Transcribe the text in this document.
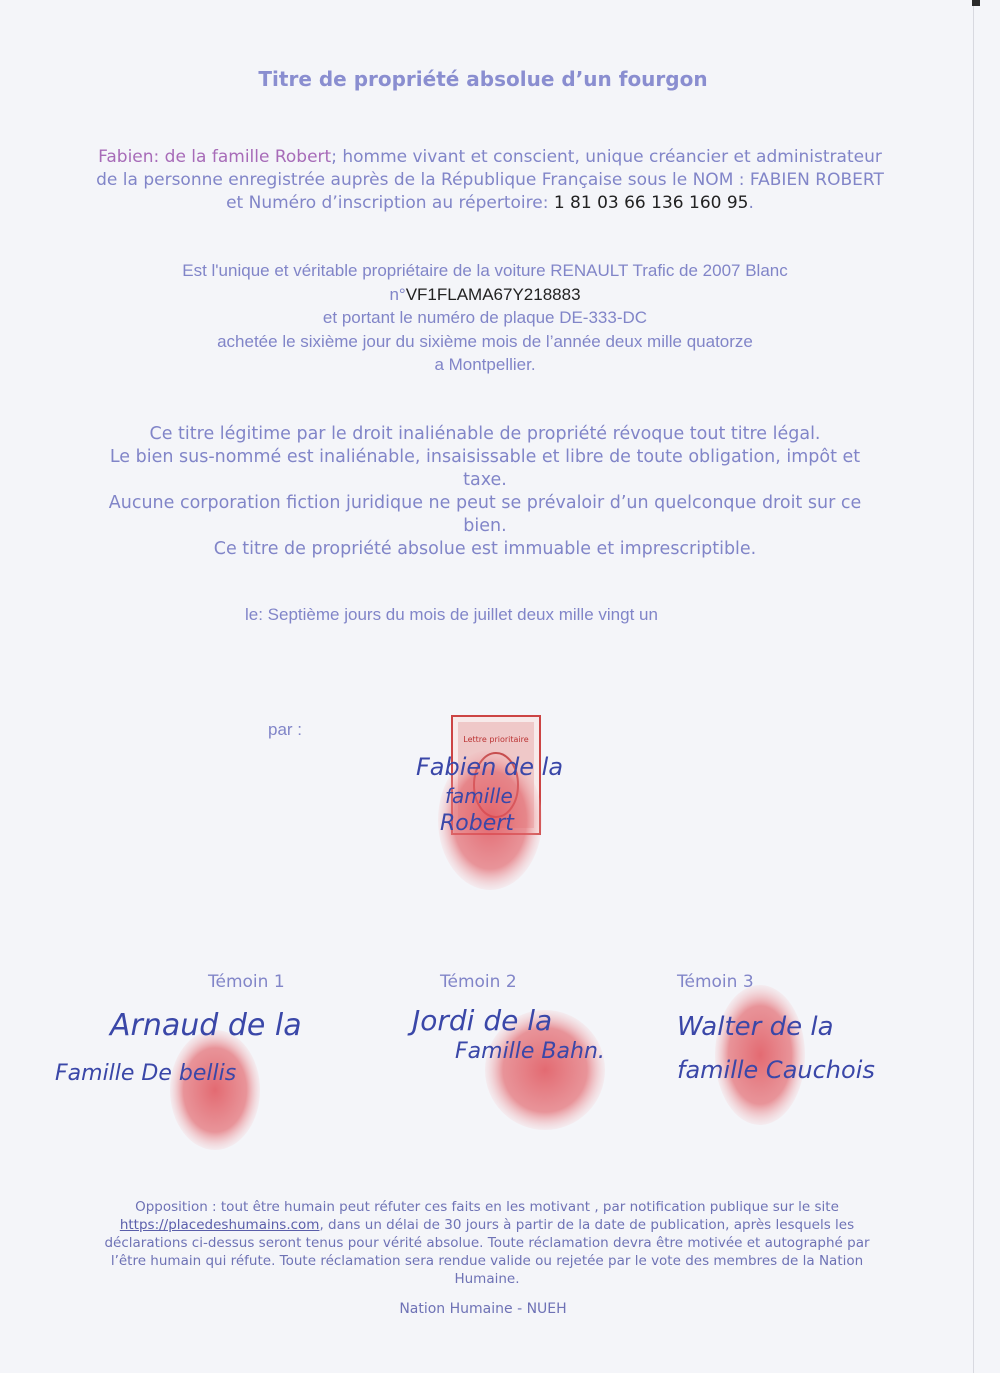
Titre de propriété absolue d’un fourgon
Fabien: de la famille Robert; homme vivant et conscient, unique créancier et administrateur de la personne enregistrée auprès de la République Française sous le NOM : FABIEN ROBERT et Numéro d’inscription au répertoire: 1 81 03 66 136 160 95.
Est l'unique et véritable propriétaire de la voiture RENAULT Trafic de 2007 Blanc
n°VF1FLAMA67Y218883
et portant le numéro de plaque DE-333-DC
achetée le sixième jour du sixième mois de l’année deux mille quatorze
a Montpellier.
Ce titre légitime par le droit inaliénable de propriété révoque tout titre légal.
Le bien sus-nommé est inaliénable, insaisissable et libre de toute obligation, impôt et taxe.
Aucune corporation fiction juridique ne peut se prévaloir d’un quelconque droit sur ce bien.
Ce titre de propriété absolue est immuable et imprescriptible.
le: Septième jours du mois de juillet deux mille vingt un
par :
Lettre prioritaire
Fabien de la
famille
Robert
Arnaud de la
Famille De bellis
Jordi de la
Famille Bahn.
Walter de la
famille Cauchois
Témoin 1	Témoin 2	Témoin 3
Opposition : tout être humain peut réfuter ces faits en les motivant , par notification publique sur le site https://placedeshumains.com, dans un délai de 30 jours à partir de la date de publication, après lesquels les déclarations ci-dessus seront tenus pour vérité absolue. Toute réclamation devra être motivée et autographé par l’être humain qui réfute. Toute réclamation sera rendue valide ou rejetée par le vote des membres de la Nation Humaine.
Nation Humaine - NUEH
